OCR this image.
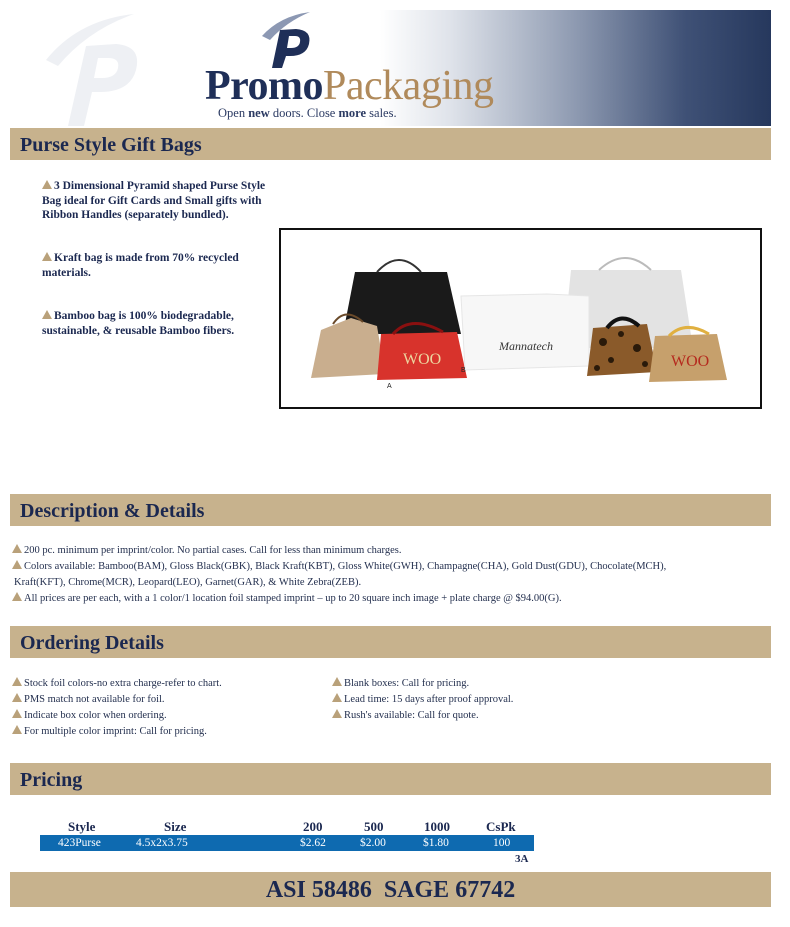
PromoPackaging
Open new doors. Close more sales.
Purse Style Gift Bags
3 Dimensional Pyramid shaped Purse Style Bag ideal for Gift Cards and Small gifts with Ribbon Handles (separately bundled).
Kraft bag is made from 70% recycled materials.
Bamboo bag is 100% biodegradable, sustainable, & reusable Bamboo fibers.
WOO
Mannatech
WOO
A
B
Description & Details
200 pc. minimum per imprint/color. No partial cases. Call for less than minimum charges.
Colors available: Bamboo(BAM), Gloss Black(GBK), Black Kraft(KBT), Gloss White(GWH), Champagne(CHA), Gold Dust(GDU), Chocolate(MCH),
Kraft(KFT), Chrome(MCR), Leopard(LEO), Garnet(GAR), & White Zebra(ZEB).
All prices are per each, with a 1 color/1 location foil stamped imprint – up to 20 square inch image + plate charge @ $94.00(G).
Ordering Details
Stock foil colors-no extra charge-refer to chart.
PMS match not available for foil.
Indicate box color when ordering.
For multiple color imprint: Call for pricing.
Blank boxes: Call for pricing.
Lead time: 15 days after proof approval.
Rush's available: Call for quote.
Pricing
Style	Size	200	500	1000	CsPk
423Purse	4.5x2x3.75	$2.62	$2.00	$1.80	100
3A
ASI 58486  SAGE 67742
